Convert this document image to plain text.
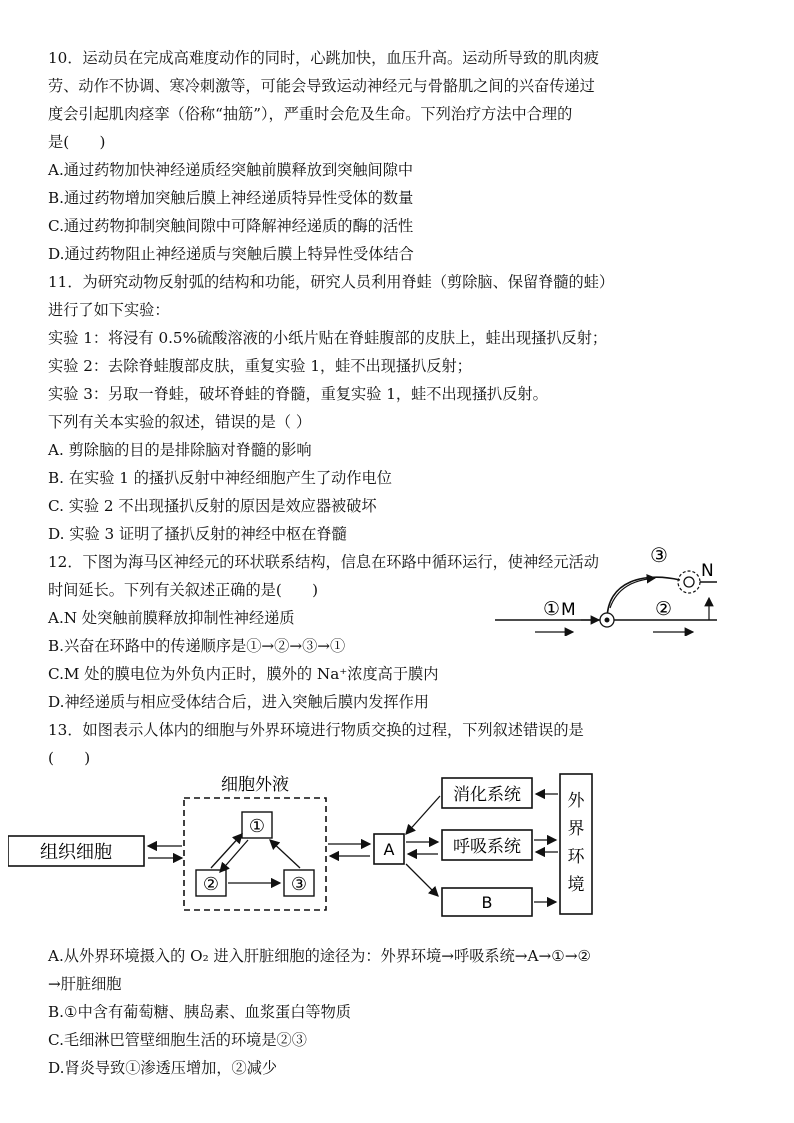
10．运动员在完成高难度动作的同时，心跳加快，血压升高。运动所导致的肌肉疲
劳、动作不协调、寒冷刺激等，可能会导致运动神经元与骨骼肌之间的兴奋传递过
度会引起肌肉痉挛（俗称“抽筋”），严重时会危及生命。下列治疗方法中合理的
是(　　)
A.通过药物加快神经递质经突触前膜释放到突触间隙中
B.通过药物增加突触后膜上神经递质特异性受体的数量
C.通过药物抑制突触间隙中可降解神经递质的酶的活性
D.通过药物阻止神经递质与突触后膜上特异性受体结合
11．为研究动物反射弧的结构和功能，研究人员利用脊蛙（剪除脑、保留脊髓的蛙）
进行了如下实验：
实验 1：将浸有 0.5%硫酸溶液的小纸片贴在脊蛙腹部的皮肤上，蛙出现搔扒反射；
实验 2：去除脊蛙腹部皮肤，重复实验 1，蛙不出现搔扒反射；
实验 3：另取一脊蛙，破坏脊蛙的脊髓，重复实验 1，蛙不出现搔扒反射。
下列有关本实验的叙述，错误的是（ ）
A. 剪除脑的目的是排除脑对脊髓的影响
B. 在实验 1 的搔扒反射中神经细胞产生了动作电位
C. 实验 2 不出现搔扒反射的原因是效应器被破坏
D. 实验 3 证明了搔扒反射的神经中枢在脊髓
12．下图为海马区神经元的环状联系结构，信息在环路中循环运行，使神经元活动
时间延长。下列有关叙述正确的是(　　)
A.N 处突触前膜释放抑制性神经递质
B.兴奋在环路中的传递顺序是①→②→③→①
C.M 处的膜电位为外负内正时，膜外的 Na⁺浓度高于膜内
D.神经递质与相应受体结合后，进入突触后膜内发挥作用
13．如图表示人体内的细胞与外界环境进行物质交换的过程，下列叙述错误的是
(　　)
A.从外界环境摄入的 O₂ 进入肝脏细胞的途径为：外界环境→呼吸系统→A→①→②
→肝脏细胞
B.①中含有葡萄糖、胰岛素、血浆蛋白等物质
C.毛细淋巴管壁细胞生活的环境是②③
D.肾炎导致①渗透压增加，②减少
① M	②
③
N
细胞外液
①
②	③
组织细胞	A
消化系统
呼吸系统
B
外
界
环
境
